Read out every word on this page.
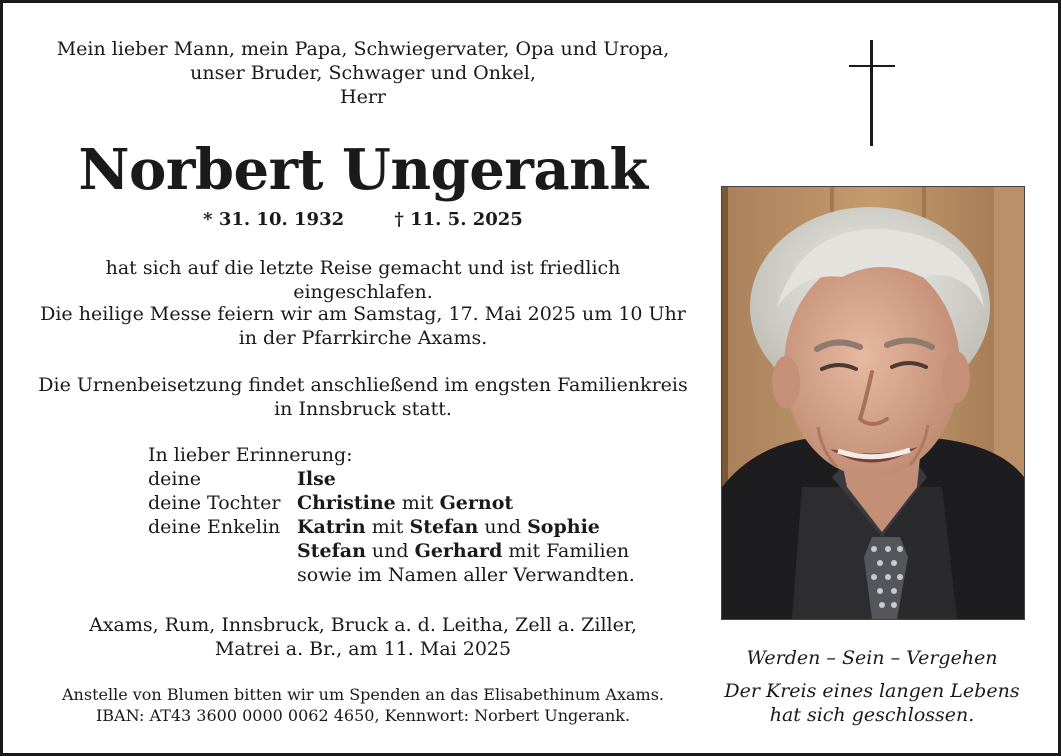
Mein lieber Mann, mein Papa, Schwiegervater, Opa und Uropa,
unser Bruder, Schwager und Onkel,
Herr
Norbert Ungerank
* 31. 10. 1932	† 11. 5. 2025
hat sich auf die letzte Reise gemacht und ist friedlich eingeschlafen.
Die heilige Messe feiern wir am Samstag, 17. Mai 2025 um 10 Uhr
in der Pfarrkirche Axams.
Die Urnenbeisetzung findet anschließend im engsten Familienkreis
in Innsbruck statt.
In lieber Erinnerung:
deine	Ilse
deine Tochter Christine mit Gernot
deine Enkelin Katrin mit Stefan und Sophie
Stefan und Gerhard mit Familien
sowie im Namen aller Verwandten.
Axams, Rum, Innsbruck, Bruck a. d. Leitha, Zell a. Ziller,
Matrei a. Br., am 11. Mai 2025
Anstelle von Blumen bitten wir um Spenden an das Elisabethinum Axams.
IBAN: AT43 3600 0000 0062 4650, Kennwort: Norbert Ungerank.
Werden – Sein – Vergehen
Der Kreis eines langen Lebens
hat sich geschlossen.
